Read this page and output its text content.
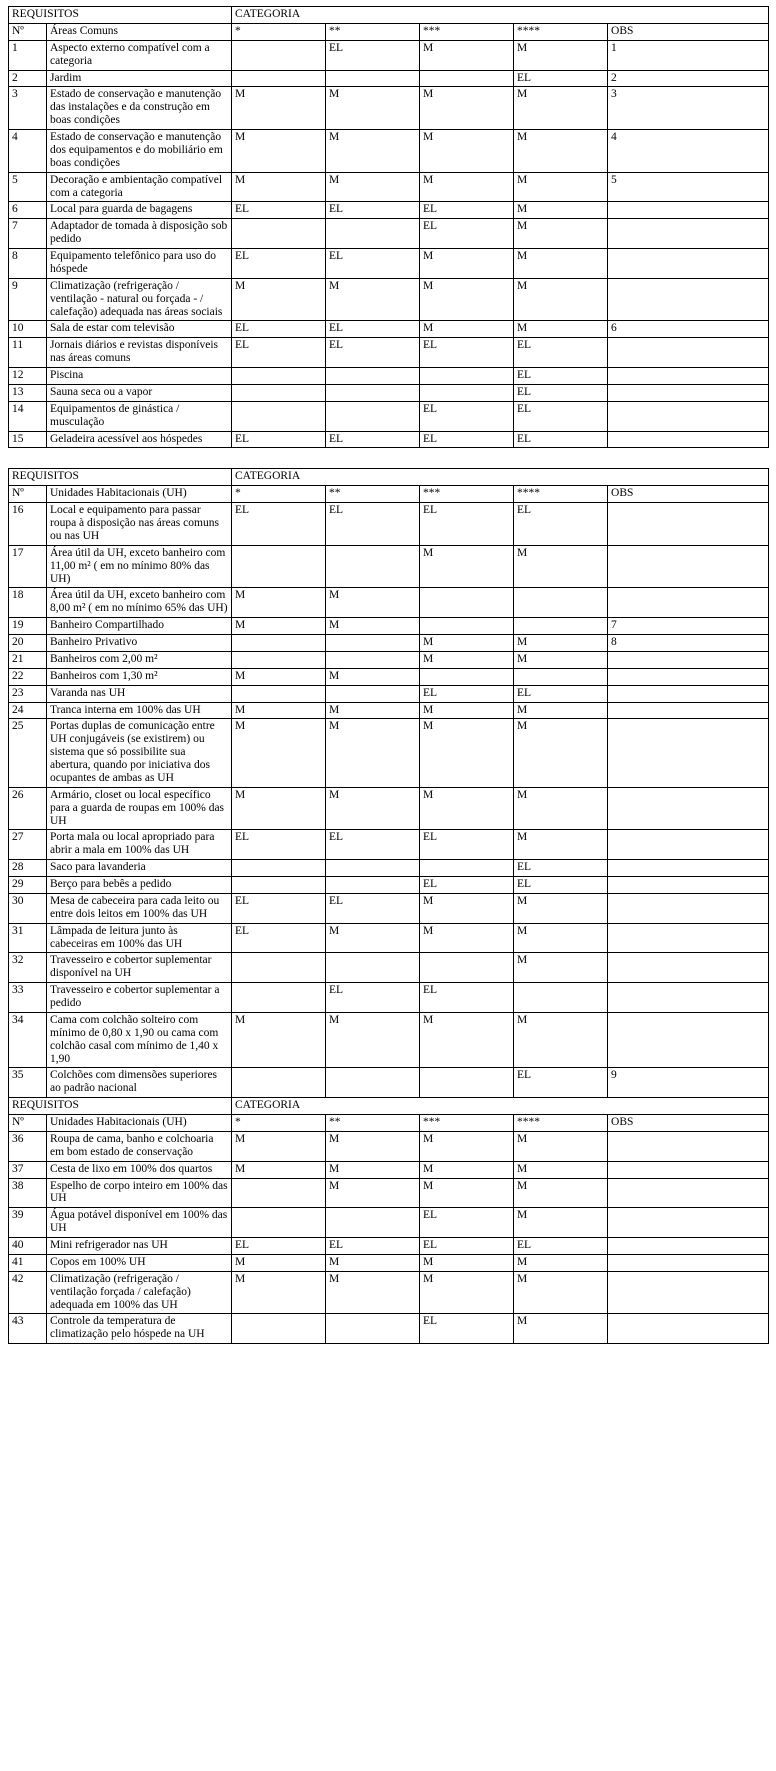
REQUISITOS		CATEGORIA				
Nº	Áreas Comuns	*	**	***	****	OBS
1	Aspecto externo compatível com a categoria		EL	M	M	1
2	Jardim				EL	2
3	Estado de conservação e manutenção das instalações e da construção em boas condições	M	M	M	M	3
4	Estado de conservação e manutenção dos equipamentos e do mobiliário em boas condições	M	M	M	M	4
5	Decoração e ambientação compatível com a categoria	M	M	M	M	5
6	Local para guarda de bagagens	EL	EL	EL	M	
7	Adaptador de tomada à disposição sob pedido			EL	M	
8	Equipamento telefônico para uso do hóspede	EL	EL	M	M	
9	Climatização (refrigeração / ventilação - natural ou forçada - / calefação) adequada nas áreas sociais	M	M	M	M	
10	Sala de estar com televisão	EL	EL	M	M	6
11	Jornais diários e revistas disponíveis nas áreas comuns	EL	EL	EL	EL	
12	Piscina				EL	
13	Sauna seca ou a vapor				EL	
14	Equipamentos de ginástica / musculação			EL	EL	
15	Geladeira acessível aos hóspedes	EL	EL	EL	EL	
REQUISITOS		CATEGORIA				
Nº	Unidades Habitacionais (UH)	*	**	***	****	OBS
16	Local e equipamento para passar roupa à disposição nas áreas comuns ou nas UH	EL	EL	EL	EL	
17	Área útil da UH, exceto banheiro com 11,00 m² ( em no mínimo 80% das UH)			M	M	
18	Área útil da UH, exceto banheiro com 8,00 m² ( em no mínimo 65% das UH)	M	M			
19	Banheiro Compartilhado	M	M			7
20	Banheiro Privativo			M	M	8
21	Banheiros com 2,00 m²			M	M	
22	Banheiros com 1,30 m²	M	M			
23	Varanda nas UH			EL	EL	
24	Tranca interna em 100% das UH	M	M	M	M	
25	Portas duplas de comunicação entre UH conjugáveis (se existirem) ou sistema que só possibilite sua abertura, quando por iniciativa dos ocupantes de ambas as UH	M	M	M	M	
26	Armário, closet ou local específico para a guarda de roupas em 100% das UH	M	M	M	M	
27	Porta mala ou local apropriado para abrir a mala em 100% das UH	EL	EL	EL	M	
28	Saco para lavanderia				EL	
29	Berço para bebês a pedido			EL	EL	
30	Mesa de cabeceira para cada leito ou entre dois leitos em 100% das UH	EL	EL	M	M	
31	Lâmpada de leitura junto às cabeceiras em 100% das UH	EL	M	M	M	
32	Travesseiro e cobertor suplementar disponível na UH				M	
33	Travesseiro e cobertor suplementar a pedido		EL	EL		
34	Cama com colchão solteiro com mínimo de 0,80 x 1,90 ou cama com colchão casal com mínimo de 1,40 x 1,90	M	M	M	M	
35	Colchões com dimensões superiores ao padrão nacional				EL	9
REQUISITOS		CATEGORIA				
Nº	Unidades Habitacionais (UH)	*	**	***	****	OBS
36	Roupa de cama, banho e colchoaria em bom estado de conservação	M	M	M	M	
37	Cesta de lixo em 100% dos quartos	M	M	M	M	
38	Espelho de corpo inteiro em 100% das UH		M	M	M	
39	Água potável disponível em 100% das UH			EL	M	
40	Mini refrigerador nas UH	EL	EL	EL	EL	
41	Copos em 100% UH	M	M	M	M	
42	Climatização (refrigeração / ventilação forçada / calefação) adequada em 100% das UH	M	M	M	M	
43	Controle da temperatura de climatização pelo hóspede na UH			EL	M	
